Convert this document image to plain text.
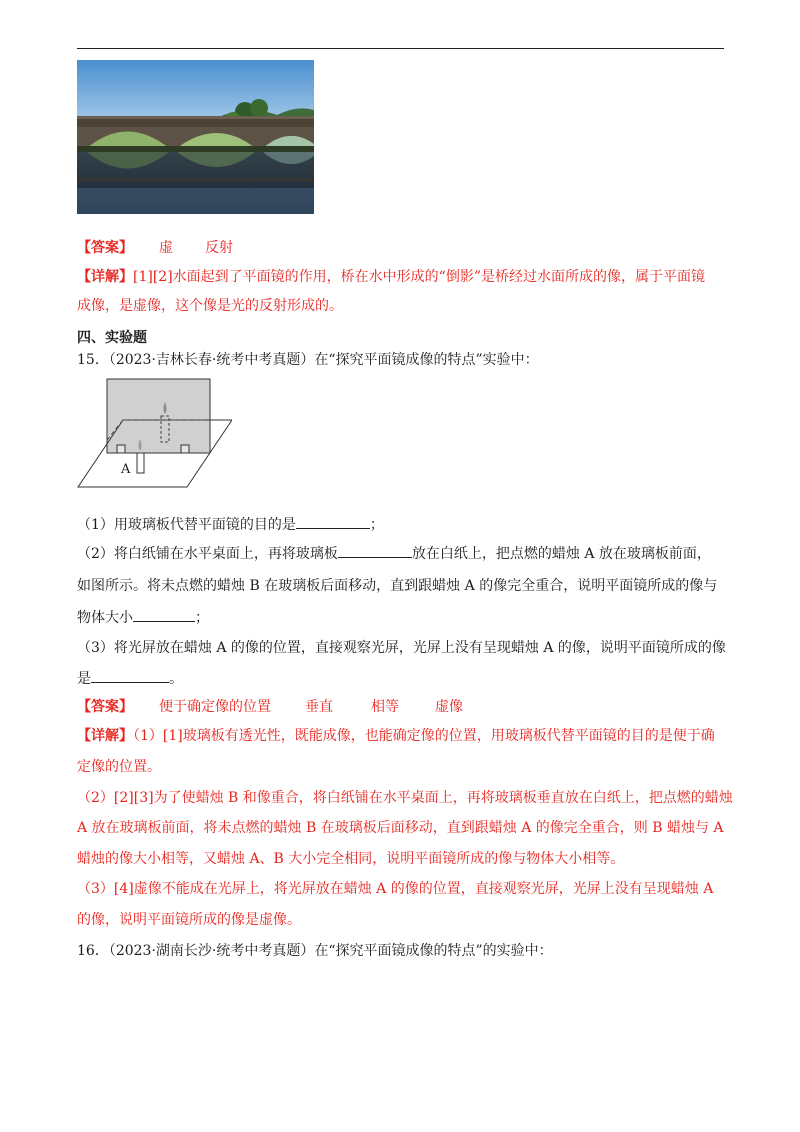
【答案】 虚 反射
【详解】[1][2]水面起到了平面镜的作用，桥在水中形成的“倒影”是桥经过水面所成的像，属于平面镜
成像，是虚像，这个像是光的反射形成的。
四、实验题
15．（2023·吉林长春·统考中考真题）在“探究平面镜成像的特点”实验中：
A
（1）用玻璃板代替平面镜的目的是	；
（2）将白纸铺在水平桌面上，再将玻璃板	放在白纸上，把点燃的蜡烛 A 放在玻璃板前面，
如图所示。将未点燃的蜡烛 B 在玻璃板后面移动，直到跟蜡烛 A 的像完全重合，说明平面镜所成的像与
物体大小	；
（3）将光屏放在蜡烛 A 的像的位置，直接观察光屏，光屏上没有呈现蜡烛 A 的像，说明平面镜所成的像
是	。
【答案】 便于确定像的位置 垂直	相等	虚像
【详解】（1）[1]玻璃板有透光性，既能成像，也能确定像的位置，用玻璃板代替平面镜的目的是便于确
定像的位置。
（2）[2][3]为了使蜡烛 B 和像重合，将白纸铺在水平桌面上，再将玻璃板垂直放在白纸上，把点燃的蜡烛
A 放在玻璃板前面，将未点燃的蜡烛 B 在玻璃板后面移动，直到跟蜡烛 A 的像完全重合，则 B 蜡烛与 A
蜡烛的像大小相等，又蜡烛 A、B 大小完全相同，说明平面镜所成的像与物体大小相等。
（3）[4]虚像不能成在光屏上，将光屏放在蜡烛 A 的像的位置，直接观察光屏，光屏上没有呈现蜡烛 A
的像，说明平面镜所成的像是虚像。
16．（2023·湖南长沙·统考中考真题）在“探究平面镜成像的特点”的实验中：
